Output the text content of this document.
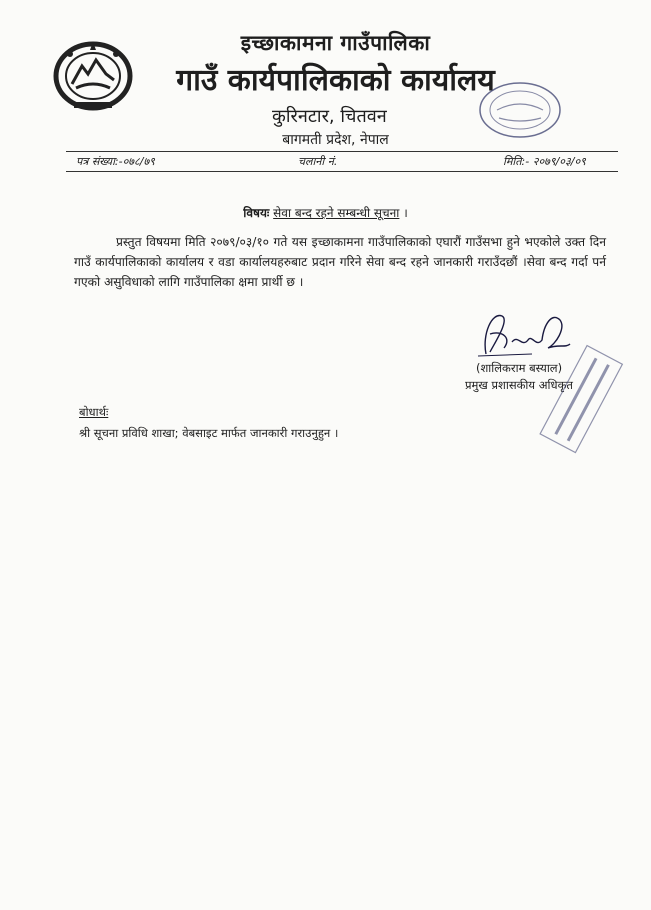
इच्छाकामना गाउँपालिका
गाउँ कार्यपालिकाको कार्यालय
कुरिनटार, चितवन
बागमती प्रदेश, नेपाल
पत्र संख्या:-०७८/७९	चलानी नं.	मिति:- २०७९/०३/०९
विषयः सेवा बन्द रहने सम्बन्धी सूचना ।
प्रस्तुत विषयमा मिति २०७९/०३/१० गते यस इच्छाकामना गाउँपालिकाको एघारौं गाउँसभा हुने भएकोले उक्त दिन गाउँ कार्यपालिकाको कार्यालय र वडा कार्यालयहरुबाट प्रदान गरिने सेवा बन्द रहने जानकारी गराउँदछौं ।सेवा बन्द गर्दा पर्न गएको असुविधाको लागि गाउँपालिका क्षमा प्रार्थी छ ।
(शालिकराम बस्याल)
प्रमुख प्रशासकीय अधिकृत
बोधार्थः
श्री सूचना प्रविधि शाखा; वेबसाइट मार्फत जानकारी गराउनुहुन ।
